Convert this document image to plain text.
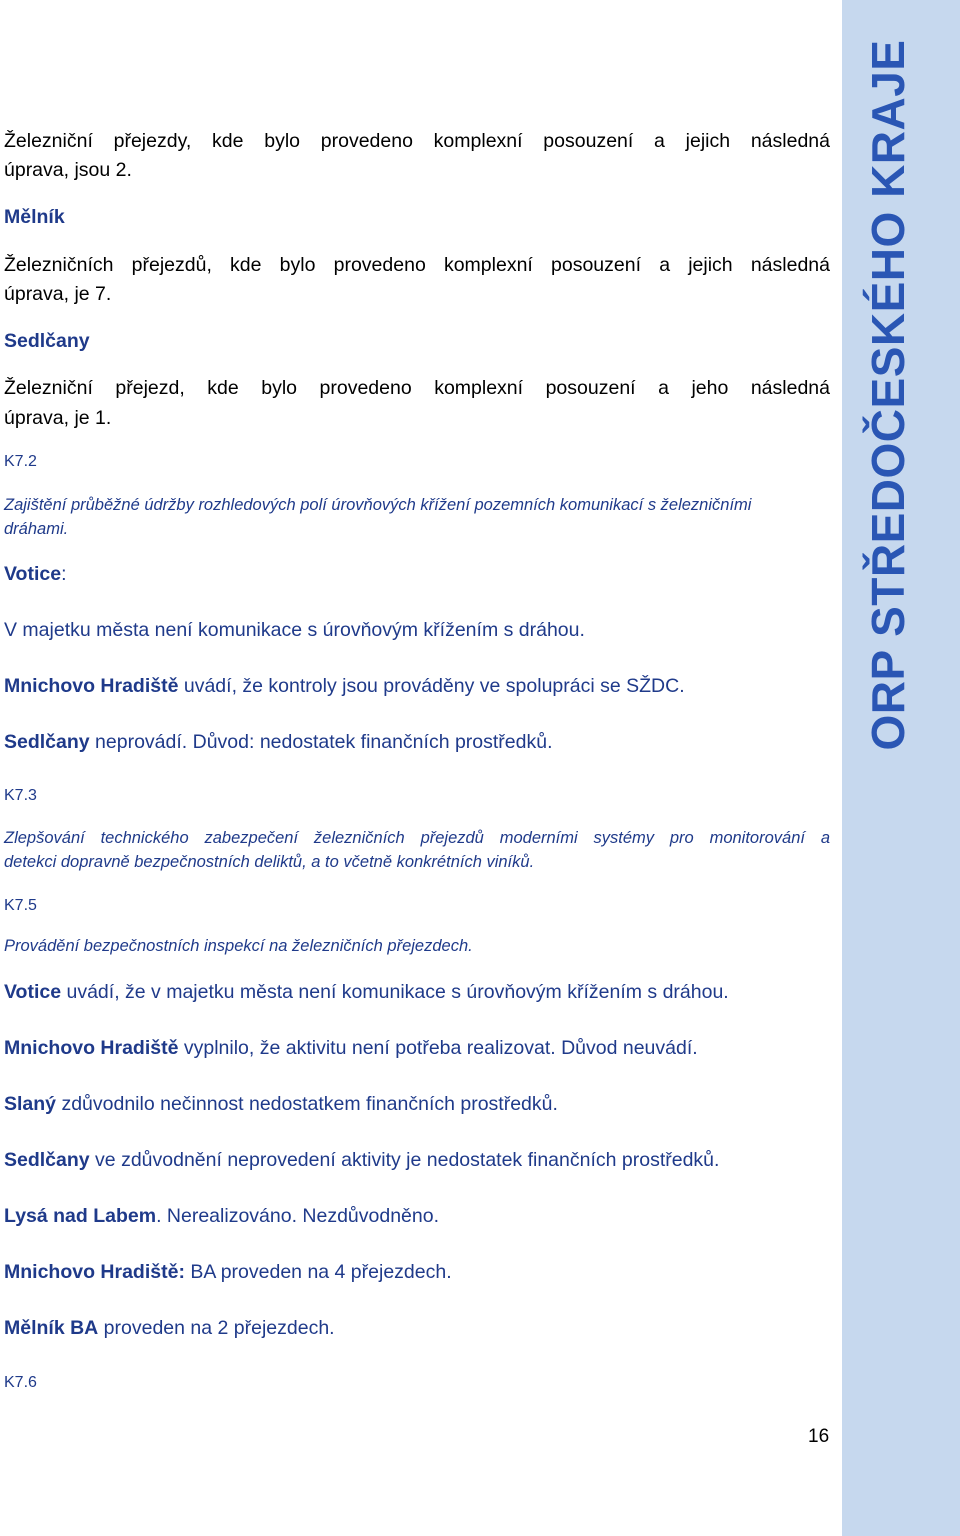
Železniční přejezdy, kde bylo provedeno komplexní posouzení a jejich následná
úprava, jsou 2.
Mělník
Železničních přejezdů, kde bylo provedeno komplexní posouzení a jejich následná
úprava, je 7.
Sedlčany
Železniční přejezd, kde bylo provedeno komplexní posouzení a jeho následná
úprava, je 1.
K7.2
Zajištění průběžné údržby rozhledových polí úrovňových křížení pozemních komunikací s železničními
dráhami.
Votice:
V majetku města není komunikace s úrovňovým křížením s dráhou.
Mnichovo Hradiště uvádí, že kontroly jsou prováděny ve spolupráci se SŽDC.
Sedlčany neprovádí. Důvod: nedostatek finančních prostředků.
K7.3
Zlepšování technického zabezpečení železničních přejezdů moderními systémy pro monitorování a
detekci dopravně bezpečnostních deliktů, a to včetně konkrétních viníků.
K7.5
Provádění bezpečnostních inspekcí na železničních přejezdech.
Votice uvádí, že v majetku města není komunikace s úrovňovým křížením s dráhou.
Mnichovo Hradiště vyplnilo, že aktivitu není potřeba realizovat. Důvod neuvádí.
Slaný zdůvodnilo nečinnost nedostatkem finančních prostředků.
Sedlčany ve zdůvodnění neprovedení aktivity je nedostatek finančních prostředků.
Lysá nad Labem. Nerealizováno. Nezdůvodněno.
Mnichovo Hradiště: BA proveden na 4 přejezdech.
Mělník BA proveden na 2 přejezdech.
K7.6
16
ORP STŘEDOČESKÉHO KRAJE
